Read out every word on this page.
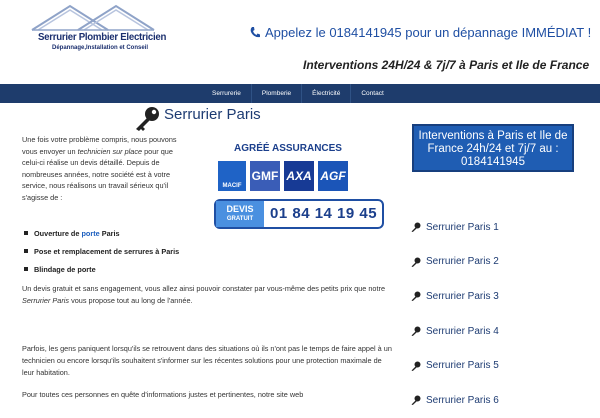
Serrurier Plombier Electricien
Dépannage,Installation et Conseil
Appelez le 0184141945 pour un dépannage IMMÉDIAT !
Interventions 24H/24 & 7j/7 à Paris et Ile de France
Serrurerie	Plomberie	Électricité	Contact
Serrurier Paris
Une fois votre problème compris, nous pouvons vous envoyer un technicien sur place pour que celui-ci réalise un devis détaillé. Depuis de nombreuses années, notre société est à votre service, nous réalisons un travail sérieux qu'il s'agisse de :
AGRÉÉ ASSURANCES
MACIF
GMF AXA AGF
DEVIS
GRATUIT	01 84 14 19 45
Ouverture de porte Paris
Pose et remplacement de serrures à Paris
Blindage de porte
Un devis gratuit et sans engagement, vous allez ainsi pouvoir constater par vous-même des petits prix que notre Serrurier Paris vous propose tout au long de l'année.
Parfois, les gens paniquent lorsqu'ils se retrouvent dans des situations où ils n'ont pas le temps de faire appel à un technicien ou encore lorsqu'ils souhaitent s'informer sur les récentes solutions pour une protection maximale de leur habitation.
Pour toutes ces personnes en quête d'informations justes et pertinentes, notre site web
Interventions à Paris et Ile de France 24h/24 et 7j/7 au : 0184141945
Serrurier Paris 1
Serrurier Paris 2
Serrurier Paris 3
Serrurier Paris 4
Serrurier Paris 5
Serrurier Paris 6
